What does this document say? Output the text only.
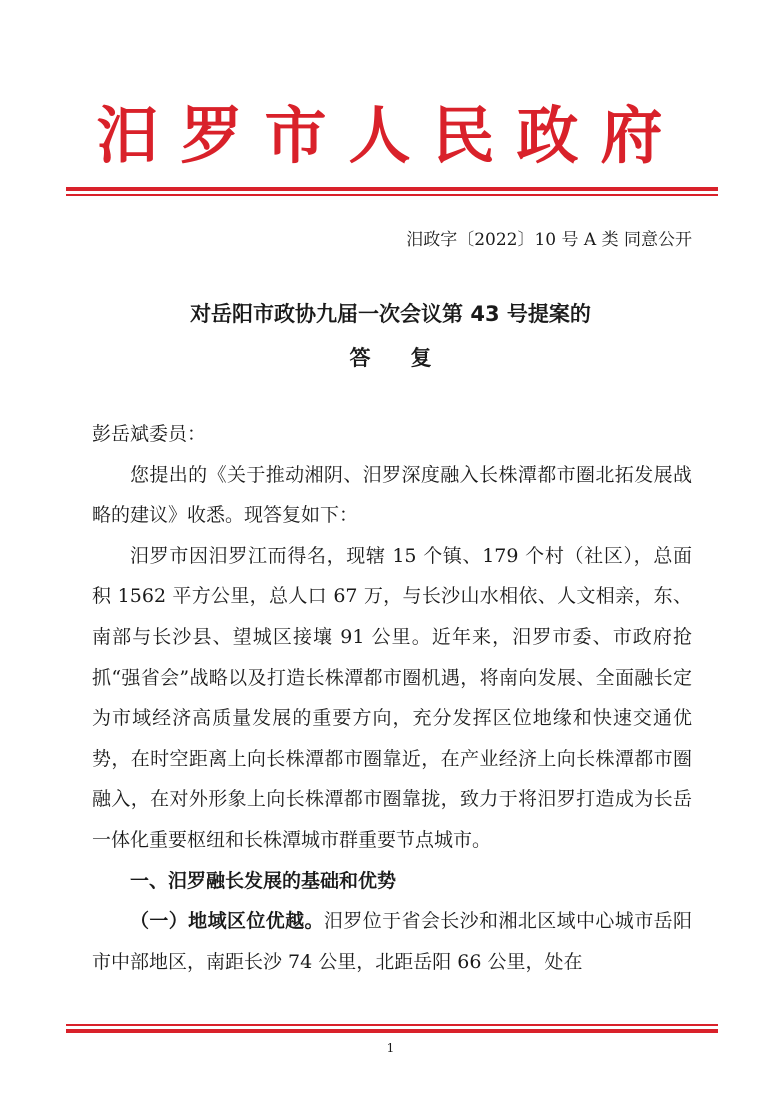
汨罗市人民政府
汨政字〔2022〕10 号 A 类 同意公开
对岳阳市政协九届一次会议第 43 号提案的
答复

彭岳斌委员：

您提出的《关于推动湘阴、汨罗深度融入长株潭都市圈北拓发展战略的建议》收悉。现答复如下：

汨罗市因汨罗江而得名，现辖 15 个镇、179 个村（社区），总面积 1562 平方公里，总人口 67 万，与长沙山水相依、人文相亲，东、南部与长沙县、望城区接壤 91 公里。近年来，汨罗市委、市政府抢抓“强省会”战略以及打造长株潭都市圈机遇，将南向发展、全面融长定为市域经济高质量发展的重要方向，充分发挥区位地缘和快速交通优势，在时空距离上向长株潭都市圈靠近，在产业经济上向长株潭都市圈融入，在对外形象上向长株潭都市圈靠拢，致力于将汨罗打造成为长岳一体化重要枢纽和长株潭城市群重要节点城市。

一、汨罗融长发展的基础和优势

（一）地域区位优越。汨罗位于省会长沙和湘北区域中心城市岳阳市中部地区，南距长沙 74 公里，北距岳阳 66 公里，处在

1
